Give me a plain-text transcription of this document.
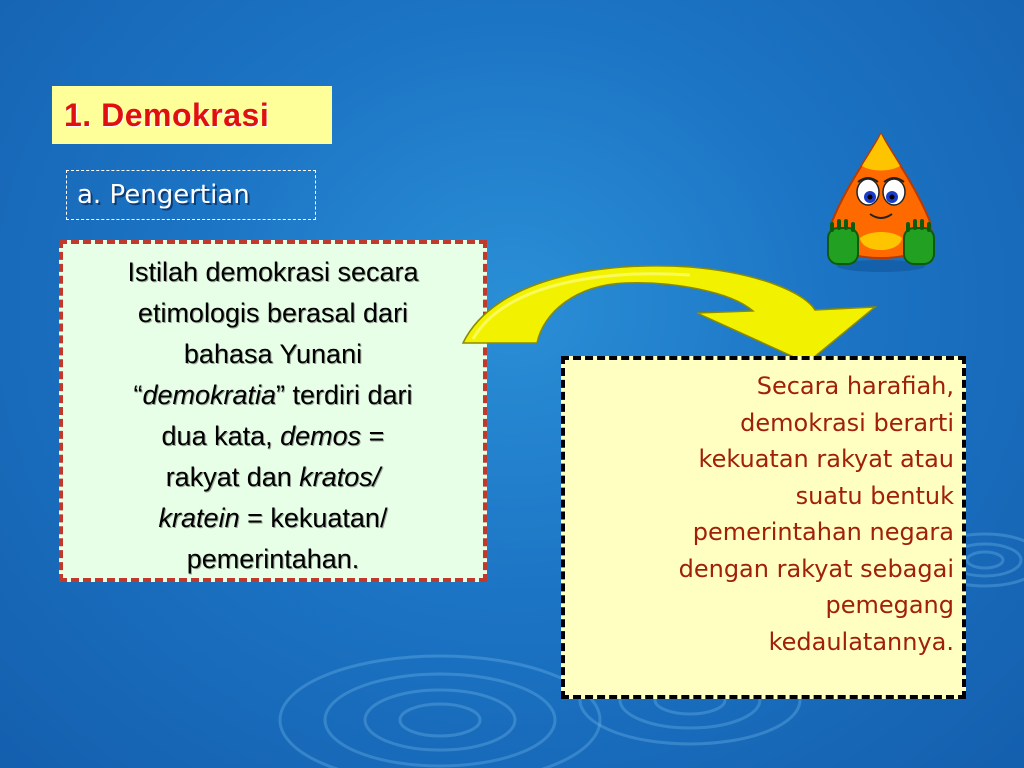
1. Demokrasi
a. Pengertian

Istilah demokrasi secara

etimologis berasal dari

bahasa Yunani

“demokratia” terdiri dari

dua kata, demos =

rakyat dan kratos/

kratein = kekuatan/

pemerintahan.

Secara harafiah,

demokrasi berarti

kekuatan rakyat atau

suatu bentuk

pemerintahan negara

dengan rakyat sebagai

pemegang

kedaulatannya.
